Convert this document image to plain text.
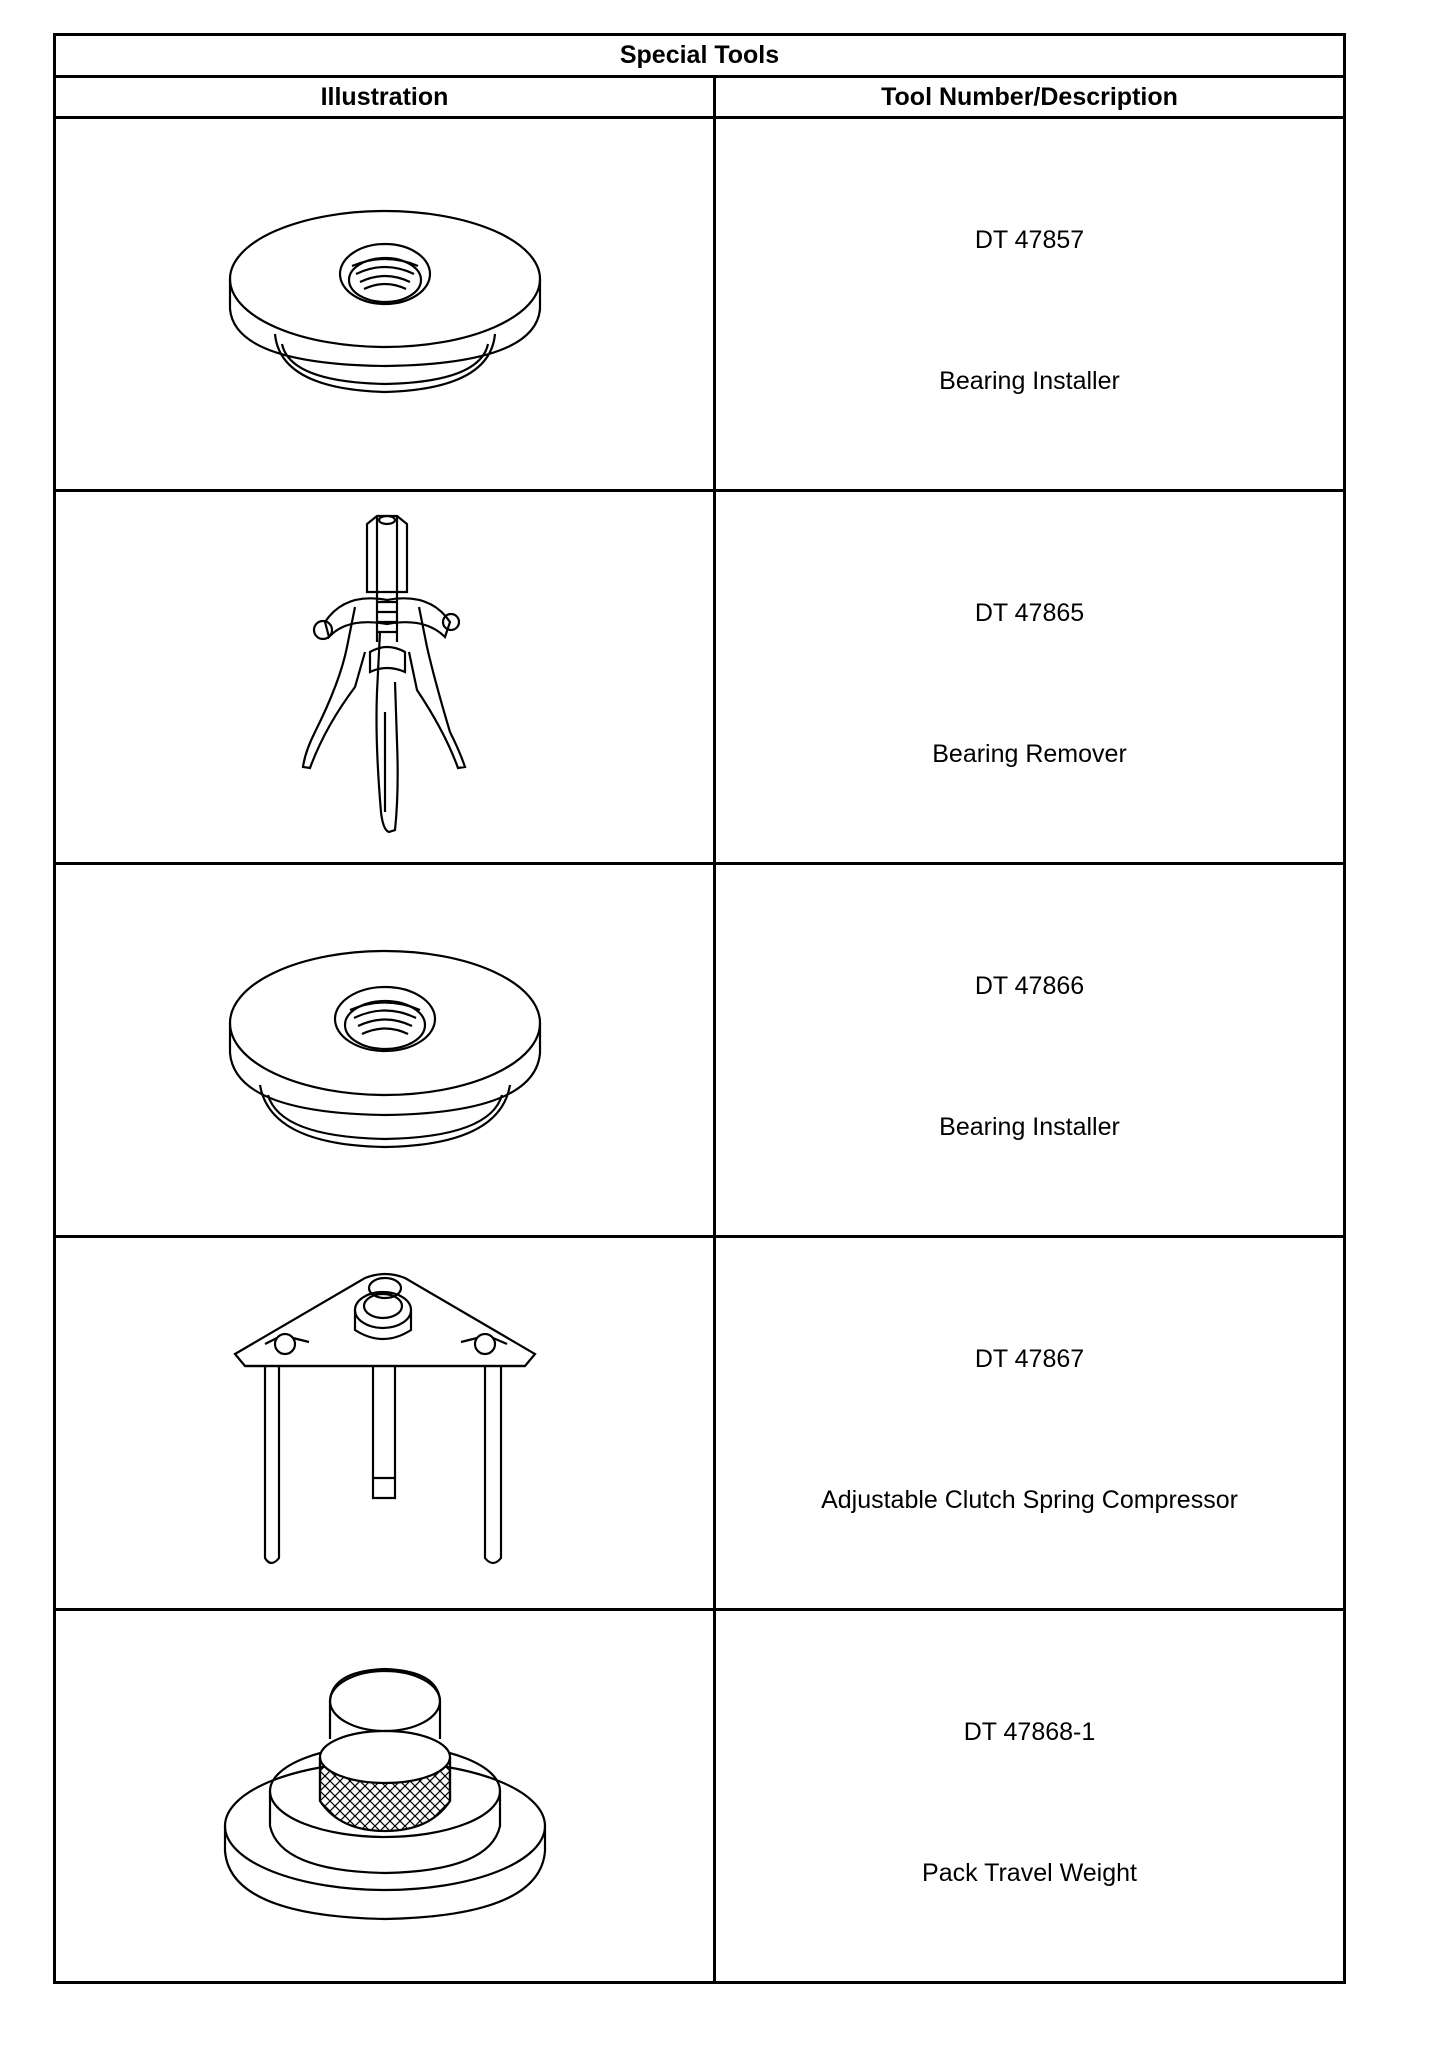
Special Tools	
Illustration	Tool Number/Description

DT 47857
Bearing Installer

DT 47865
Bearing Remover

DT 47866
Bearing Installer

DT 47867
Adjustable Clutch Spring Compressor

DT 47868-1
Pack Travel Weight
